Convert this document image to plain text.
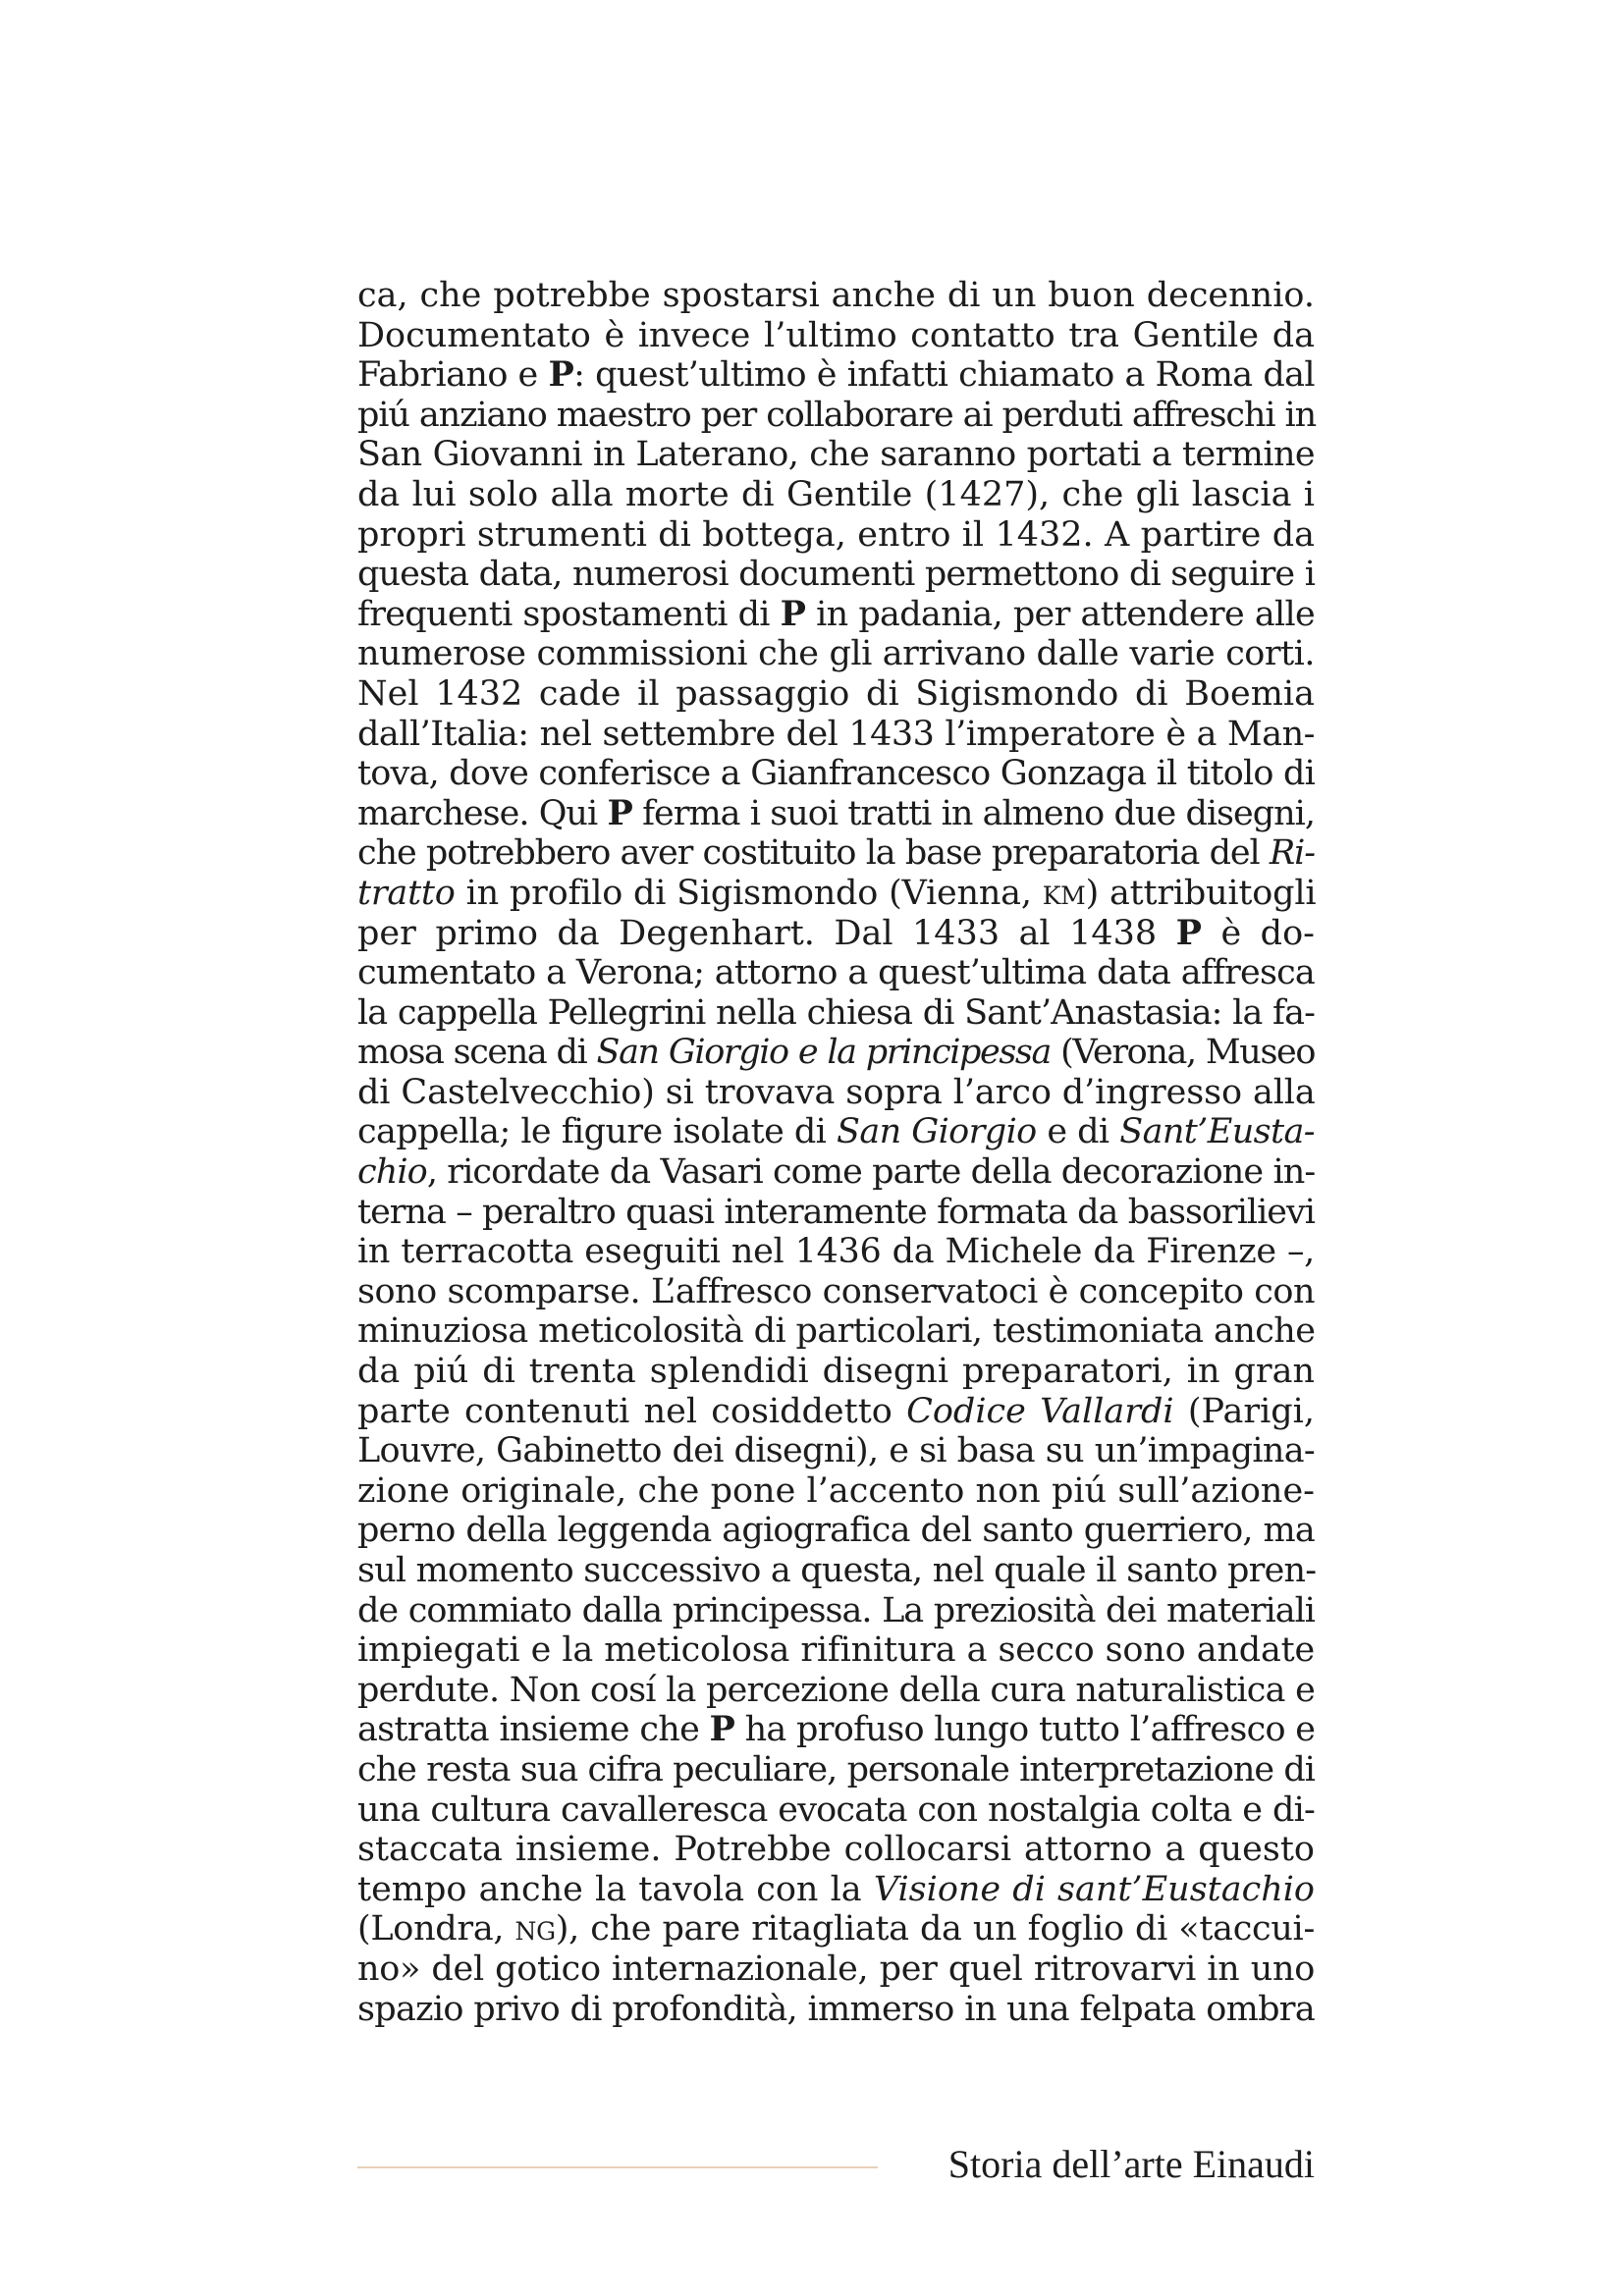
ca, che potrebbe spostarsi anche di un buon decennio.
Documentato è invece l’ultimo contatto tra Gentile da
Fabriano e P: quest’ultimo è infatti chiamato a Roma dal
piú anziano maestro per collaborare ai perduti affreschi in
San Giovanni in Laterano, che saranno portati a termine
da lui solo alla morte di Gentile (1427), che gli lascia i
propri strumenti di bottega, entro il 1432. A partire da
questa data, numerosi documenti permettono di seguire i
frequenti spostamenti di P in padania, per attendere alle
numerose commissioni che gli arrivano dalle varie corti.
Nel 1432 cade il passaggio di Sigismondo di Boemia
dall’Italia: nel settembre del 1433 l’imperatore è a Man-
tova, dove conferisce a Gianfrancesco Gonzaga il titolo di
marchese. Qui P ferma i suoi tratti in almeno due disegni,
che potrebbero aver costituito la base preparatoria del Ri-
tratto in profilo di Sigismondo (Vienna, km) attribuitogli
per primo da Degenhart. Dal 1433 al 1438 P è do-
cumentato a Verona; attorno a quest’ultima data affresca
la cappella Pellegrini nella chiesa di Sant’Anastasia: la fa-
mosa scena di San Giorgio e la principessa (Verona, Museo
di Castelvecchio) si trovava sopra l’arco d’ingresso alla
cappella; le figure isolate di San Giorgio e di Sant’Eusta-
chio, ricordate da Vasari come parte della decorazione in-
terna – peraltro quasi interamente formata da bassorilievi
in terracotta eseguiti nel 1436 da Michele da Firenze –,
sono scomparse. L’affresco conservatoci è concepito con
minuziosa meticolosità di particolari, testimoniata anche
da piú di trenta splendidi disegni preparatori, in gran
parte contenuti nel cosiddetto Codice Vallardi (Parigi,
Louvre, Gabinetto dei disegni), e si basa su un’impagina-
zione originale, che pone l’accento non piú sull’azione-
perno della leggenda agiografica del santo guerriero, ma
sul momento successivo a questa, nel quale il santo pren-
de commiato dalla principessa. La preziosità dei materiali
impiegati e la meticolosa rifinitura a secco sono andate
perdute. Non cosí la percezione della cura naturalistica e
astratta insieme che P ha profuso lungo tutto l’affresco e
che resta sua cifra peculiare, personale interpretazione di
una cultura cavalleresca evocata con nostalgia colta e di-
staccata insieme. Potrebbe collocarsi attorno a questo
tempo anche la tavola con la Visione di sant’Eustachio
(Londra, ng), che pare ritagliata da un foglio di «taccui-
no» del gotico internazionale, per quel ritrovarvi in uno
spazio privo di profondità, immerso in una felpata ombra
Storia dell’arte Einaudi
